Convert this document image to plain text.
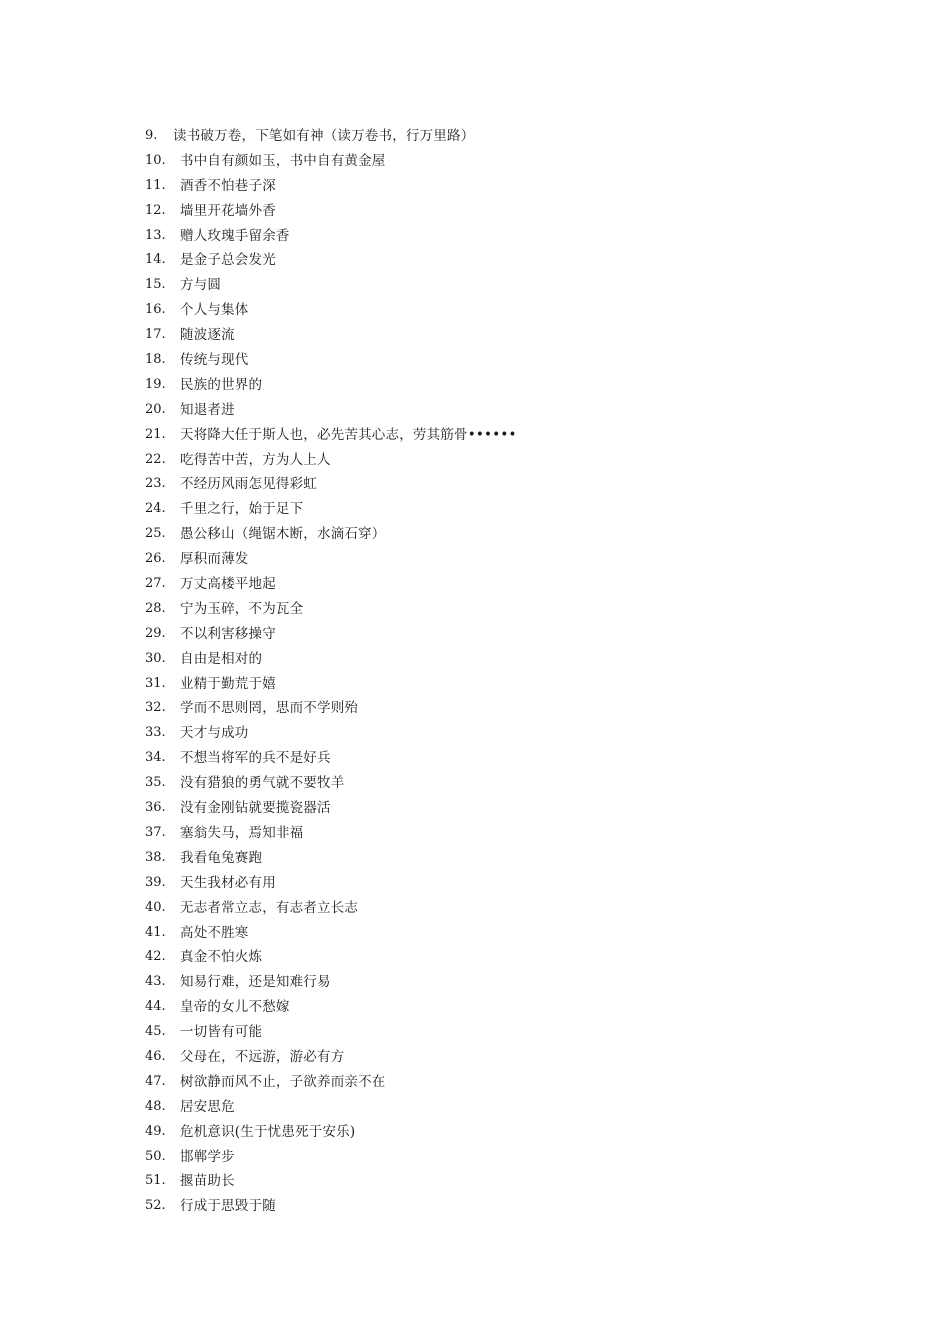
9.	读书破万卷，下笔如有神（读万卷书，行万里路）
10.	书中自有颜如玉，书中自有黄金屋
11.	酒香不怕巷子深
12.	墙里开花墙外香
13.	赠人玫瑰手留余香
14.	是金子总会发光
15.	方与圆
16.	个人与集体
17.	随波逐流
18.	传统与现代
19.	民族的世界的
20.	知退者进
21.	天将降大任于斯人也，必先苦其心志，劳其筋骨••••••
22.	吃得苦中苦，方为人上人
23.	不经历风雨怎见得彩虹
24.	千里之行，始于足下
25.	愚公移山（绳锯木断，水滴石穿）
26.	厚积而薄发
27.	万丈高楼平地起
28.	宁为玉碎，不为瓦全
29.	不以利害移操守
30.	自由是相对的
31.	业精于勤荒于嬉
32.	学而不思则罔，思而不学则殆
33.	天才与成功
34.	不想当将军的兵不是好兵
35.	没有猎狼的勇气就不要牧羊
36.	没有金刚钻就要揽瓷器活
37.	塞翁失马，焉知非福
38.	我看龟兔赛跑
39.	天生我材必有用
40.	无志者常立志，有志者立长志
41.	高处不胜寒
42.	真金不怕火炼
43.	知易行难，还是知难行易
44.	皇帝的女儿不愁嫁
45.	一切皆有可能
46.	父母在，不远游，游必有方
47.	树欲静而风不止，子欲养而亲不在
48.	居安思危
49.	危机意识(生于忧患死于安乐)
50.	邯郸学步
51.	揠苗助长
52.	行成于思毁于随
